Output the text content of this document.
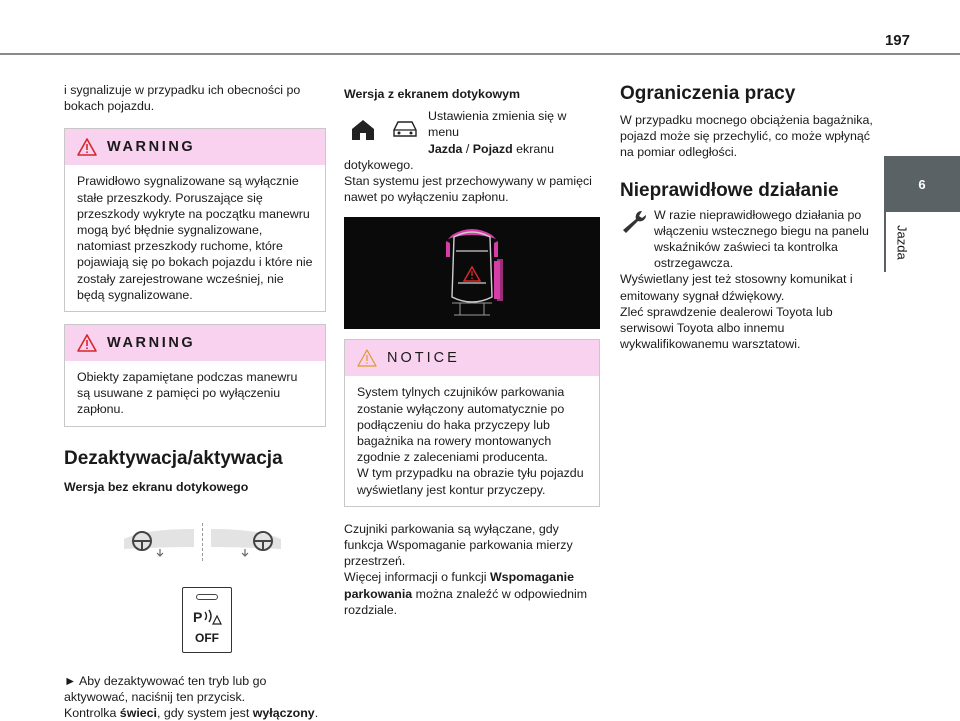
197
6
Jazda

i sygnalizuje w przypadku ich obecności po bokach pojazdu.

WARNING

Prawidłowo sygnalizowane są wyłącznie stałe przeszkody. Poruszające się przeszkody wykryte na początku manewru mogą być błędnie sygnalizowane, natomiast przeszkody ruchome, które pojawiają się po bokach pojazdu i które nie zostały zarejestrowane wcześniej, nie będą sygnalizowane.

WARNING

Obiekty zapamiętane podczas manewru są usuwane z pamięci po wyłączeniu zapłonu.

Dezaktywacja/aktywacja

Wersja bez ekranu dotykowego

P
OFF

► Aby dezaktywować ten tryb lub go aktywować, naciśnij ten przycisk.

Kontrolka świeci, gdy system jest wyłączony.

Wersja z ekranem dotykowym

Ustawienia zmienia się w menu

Jazda / Pojazd ekranu

dotykowego.

Stan systemu jest przechowywany w pamięci nawet po wyłączeniu zapłonu.

NOTICE

System tylnych czujników parkowania zostanie wyłączony automatycznie po podłączeniu do haka przyczepy lub bagażnika na rowery montowanych zgodnie z zaleceniami producenta.

W tym przypadku na obrazie tyłu pojazdu wyświetlany jest kontur przyczepy.

Czujniki parkowania są wyłączane, gdy funkcja Wspomaganie parkowania mierzy przestrzeń.

Więcej informacji o funkcji Wspomaganie parkowania można znaleźć w odpowiednim rozdziale.

Ograniczenia pracy

W przypadku mocnego obciążenia bagażnika, pojazd może się przechylić, co może wpłynąć na pomiar odległości.

Nieprawidłowe działanie

W razie nieprawidłowego działania po włączeniu wstecznego biegu na panelu wskaźników zaświeci ta kontrolka ostrzegawcza.

Wyświetlany jest też stosowny komunikat i emitowany sygnał dźwiękowy.

Zleć sprawdzenie dealerowi Toyota lub serwisowi Toyota albo innemu wykwalifikowanemu warsztatowi.
